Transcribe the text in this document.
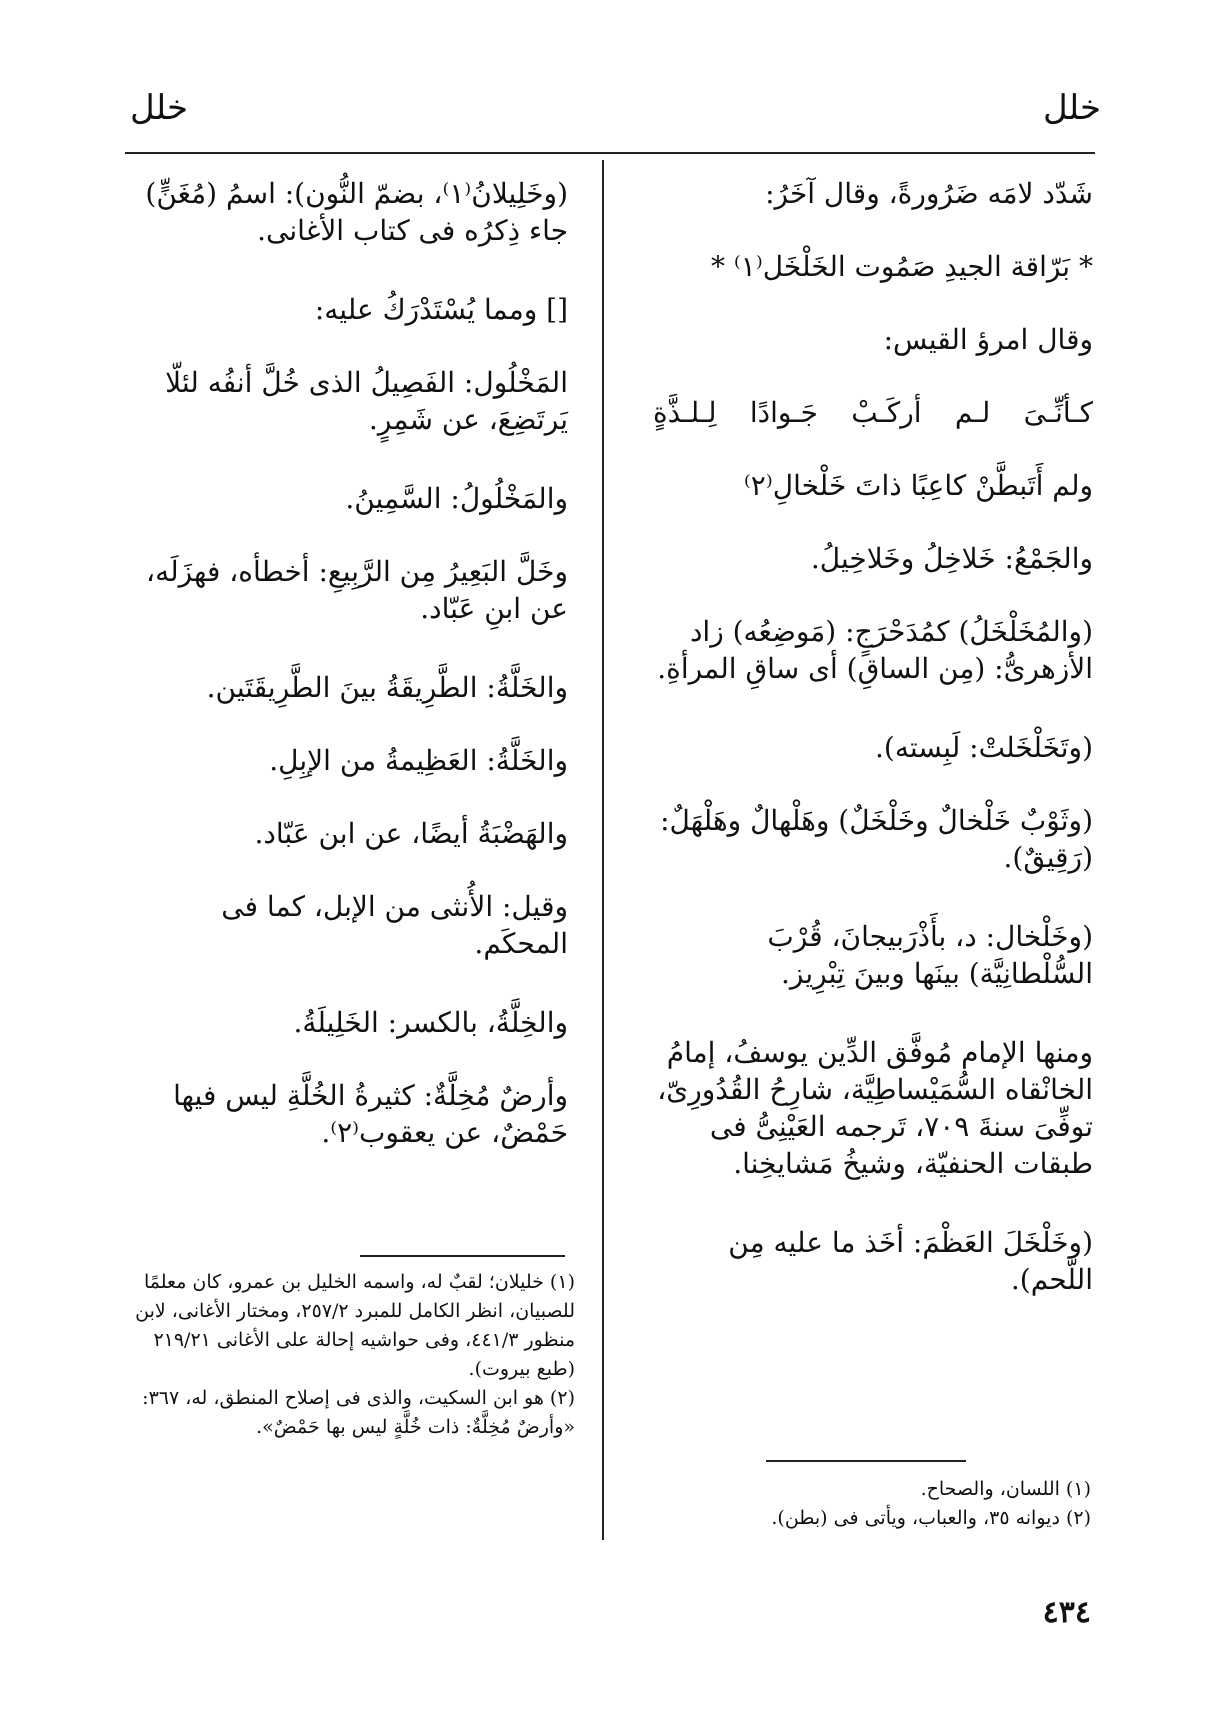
خلل
خلل

شَدّد لامَه ضَرُورةً، وقال آخَرُ:

* بَرّاقة الجيدِ صَمُوت الخَلْخَل⁽١⁾ *

وقال امرؤ القيس:

كـأنِّـىَ لـم أركَـبْ جَـوادًا لِـلـذَّةٍ

ولم أَتَبطَّنْ كاعِبًا ذاتَ خَلْخالِ⁽٢⁾

والجَمْعُ: خَلاخِلُ وخَلاخِيلُ.

(والمُخَلْخَلُ) كمُدَحْرَجٍ: (مَوضِعُه) زاد الأزهرىُّ: (مِن الساقِ) أى ساقِ المرأةِ.

(وتَخَلْخَلتْ: لَبِسته).

(وثَوْبٌ خَلْخالٌ وخَلْخَلٌ) وهَلْهالٌ وهَلْهَلٌ: (رَقِيقٌ).

(وخَلْخال: د، بأَذْرَبيجانَ، قُرْبَ السُّلْطانِيَّة) بينَها وبينَ تِبْرِيز.

ومنها الإمام مُوفَّق الدِّين يوسفُ، إمامُ الخانْقاه السُّمَيْساطِيَّة، شارِحُ القُدُورِىّ، توفِّىَ سنةَ ٧٠٩، تَرجمه العَيْنِىُّ فى طبقات الحنفيّة، وشيخُ مَشايخِنا.

(وخَلْخَلَ العَظْمَ: أخَذ ما عليه مِن اللَّحم).

(١) اللسان، والصحاح.

(٢) ديوانه ٣٥، والعباب، ويأتى فى (بطن).

(وخَلِيلانُ⁽١⁾، بضمّ النُّون): اسمُ (مُغَنٍّ) جاء ذِكرُه فى كتاب الأغانى.

[] ومما يُسْتَدْرَكُ عليه:

المَخْلُول: الفَصِيلُ الذى خُلَّ أنفُه لئلّا يَرتَضِعَ، عن شَمِرٍ.

والمَخْلُولُ: السَّمِينُ.

وخَلَّ البَعِيرُ مِن الرَّبِيعِ: أخطأه، فهزَلَه، عن ابنِ عَبّاد.

والخَلَّةُ: الطَّرِيقَةُ بينَ الطَّرِيقَتَين.

والخَلَّةُ: العَظِيمةُ من الإبِلِ.

والهَضْبَةُ أيضًا، عن ابن عَبّاد.

وقيل: الأُنثى من الإبل، كما فى المحكَم.

والخِلَّةُ، بالكسر: الخَلِيلَةُ.

وأرضٌ مُخِلَّةٌ: كثيرةُ الخُلَّةِ ليس فيها حَمْضٌ، عن يعقوب⁽٢⁾.

(١) خليلان؛ لقبٌ له، واسمه الخليل بن عمرو، كان معلمًا للصبيان، انظر الكامل للمبرد ٢٥٧/٢، ومختار الأغانى، لابن منظور ٤٤١/٣، وفى حواشيه إحالة على الأغانى ٢١٩/٢١ (طبع بيروت).

(٢) هو ابن السكيت، والذى فى إصلاح المنطق، له، ٣٦٧: «وأرضٌ مُخِلَّةٌ: ذات خُلَّةٍ ليس بها حَمْضٌ».

٤٣٤
